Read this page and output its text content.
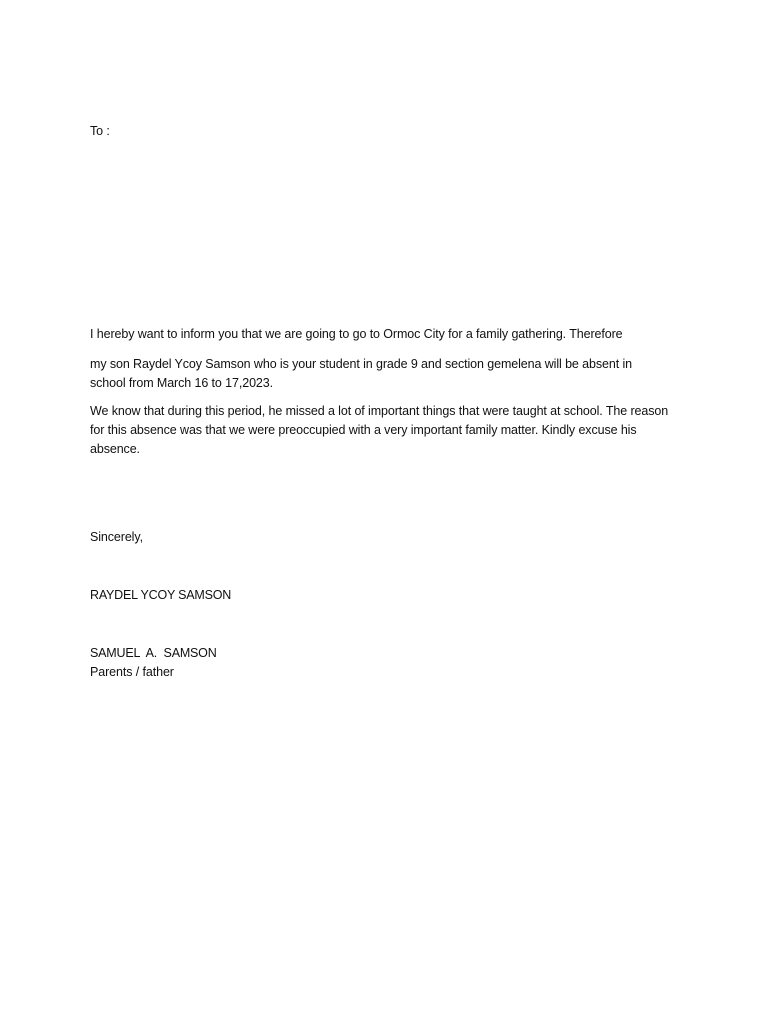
To :
I hereby want to inform you that we are going to go to Ormoc City for a family gathering. Therefore
my son Raydel Ycoy Samson who is your student in grade 9 and section gemelena will be absent in school from March 16 to 17,2023.
We know that during this period, he missed a lot of important things that were taught at school. The reason for this absence was that we were preoccupied with a very important family matter. Kindly excuse his absence.
Sincerely,
RAYDEL YCOY SAMSON
SAMUEL  A.  SAMSON
Parents / father
